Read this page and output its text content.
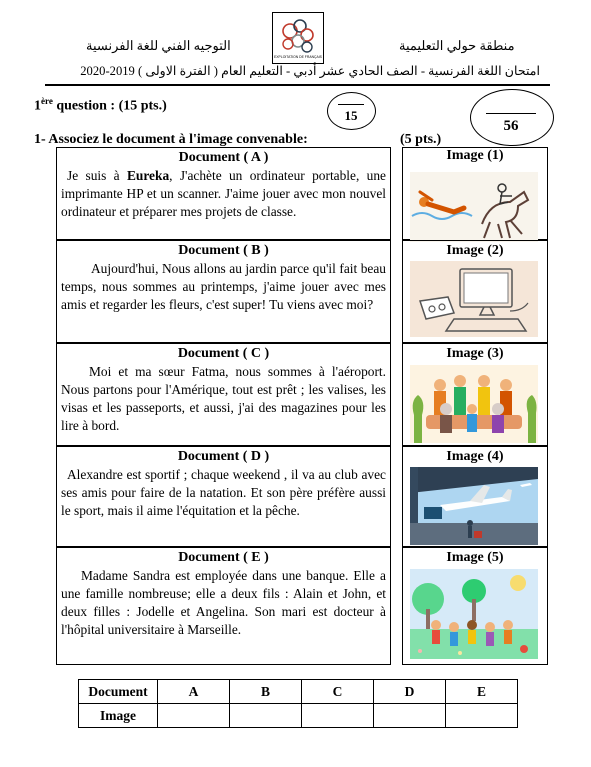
التوجيه الفني للغة الفرنسية	منطقة حولي التعليمية
EXPLOITATION DE FRANÇAIS
امتحان اللغة الفرنسية - الصف الحادي عشر أدبي - التعليم العام ( الفترة الاولى ) 2019-2020
1ère question : (15 pts.)
15
56
1- Associez le document à l'image convenable:	(5 pts.)
Document ( A )
Je suis à Eureka, J'achète un ordinateur portable, une imprimante HP et un scanner. J'aime jouer avec mon nouvel ordinateur et préparer mes projets de classe.
Document ( B )
Aujourd'hui, Nous allons au jardin parce qu'il fait beau temps, nous sommes au printemps, j'aime jouer avec mes amis et regarder les fleurs, c'est super! Tu viens avec moi?
Document ( C )
Moi et ma sœur Fatma, nous sommes à l'aéroport. Nous partons pour l'Amérique, tout est prêt ; les valises, les visas et les passeports, et aussi, j'ai des magazines pour les lire à bord.
Document ( D )
Alexandre est sportif ; chaque weekend , il va au club avec ses amis pour faire de la natation. Et son père préfère aussi le sport, mais il aime l'équitation et la pêche.
Document ( E )
Madame Sandra est employée dans une banque. Elle a une famille nombreuse; elle a deux fils : Alain et John, et deux filles : Jodelle et Angelina. Son mari est docteur à l'hôpital universitaire à Marseille.
Image (1)
Image (2)
Image (3)
Image (4)
Image (5)
Document	A	B	C	D	E
Image					
